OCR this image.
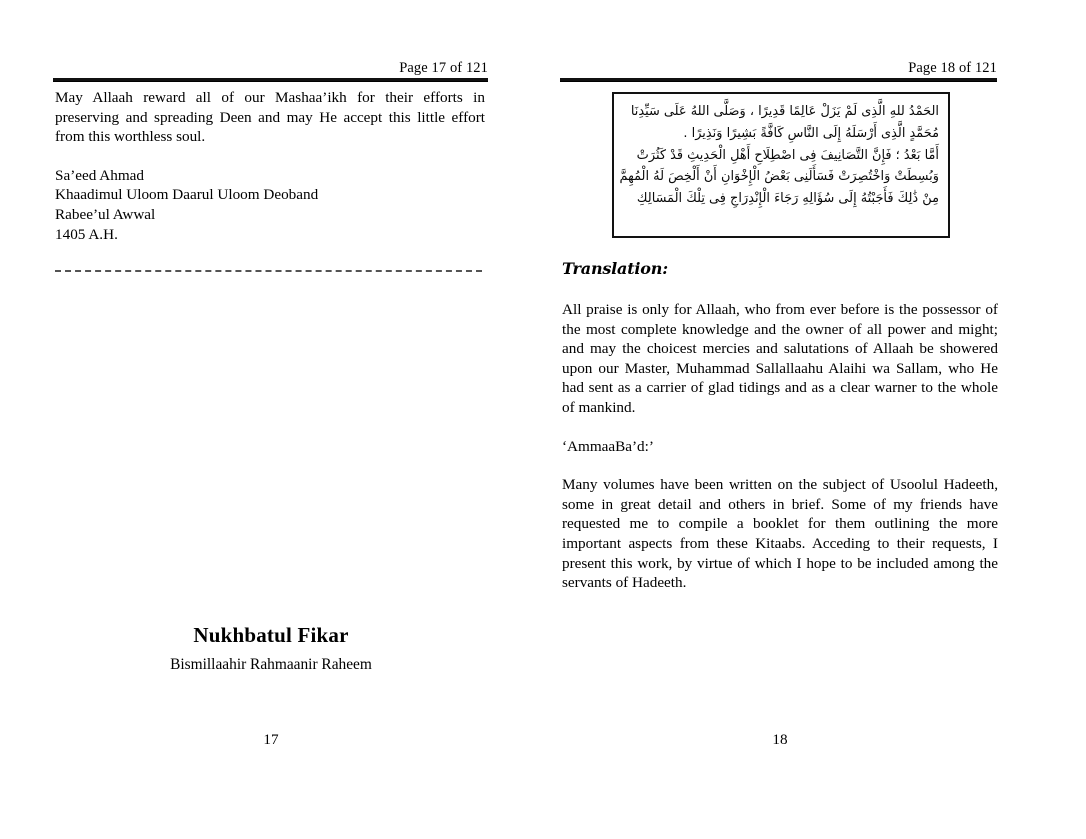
Page 17 of 121

May Allaah reward all of our Mashaa’ikh for their efforts in preserving and spreading Deen and may He accept this little effort from this worthless soul.

Sa’eed Ahmad
Khaadimul Uloom Daarul Uloom Deoband
Rabee’ul Awwal
1405 A.H.
Nukhbatul Fikar
Bismillaahir Rahmaanir Raheem
17
Page 18 of 121
الحَمْدُ للهِ الَّذِى لَمْ يَزَلْ عَالِمًا قَدِيرًا ، وَصَلَّى اللهُ عَلَى سَيِّدِنَا
مُحَمَّدٍ الَّذِى أَرْسَلَهُ إِلَى النَّاسِ كَافَّةً بَشِيرًا وَنَذِيرًا .
أَمَّا بَعْدُ ؛ فَإِنَّ التَّصَانِيفَ فِى اصْطِلَاحِ أَهْلِ الْحَدِيثِ قَدْ كَثُرَتْ
وَبُسِطَتْ وَاخْتُصِرَتْ فَسَأَلَنِى بَعْضُ الْإِخْوَانِ أَنْ أَلْخِصَ لَهُ الْمُهِمَّ
مِنْ ذَٰلِكَ فَأَجَبْتُهُ إِلَى سُؤَالِهِ رَجَاءَ الْإِنْدِرَاجِ فِى تِلْكَ الْمَسَالِكِ
Translation:

All praise is only for Allaah, who from ever before is the possessor of the most complete knowledge and the owner of all power and might; and may the choicest mercies and salutations of Allaah be showered upon our Master, Muhammad Sallallaahu Alaihi wa Sallam, who He had sent as a carrier of glad tidings and as a clear warner to the whole of mankind.

‘AmmaaBa’d:’

Many volumes have been written on the subject of Usoolul Hadeeth, some in great detail and others in brief. Some of my friends have requested me to compile a booklet for them outlining the more important aspects from these Kitaabs. Acceding to their requests, I present this work, by virtue of which I hope to be included among the servants of Hadeeth.

18
